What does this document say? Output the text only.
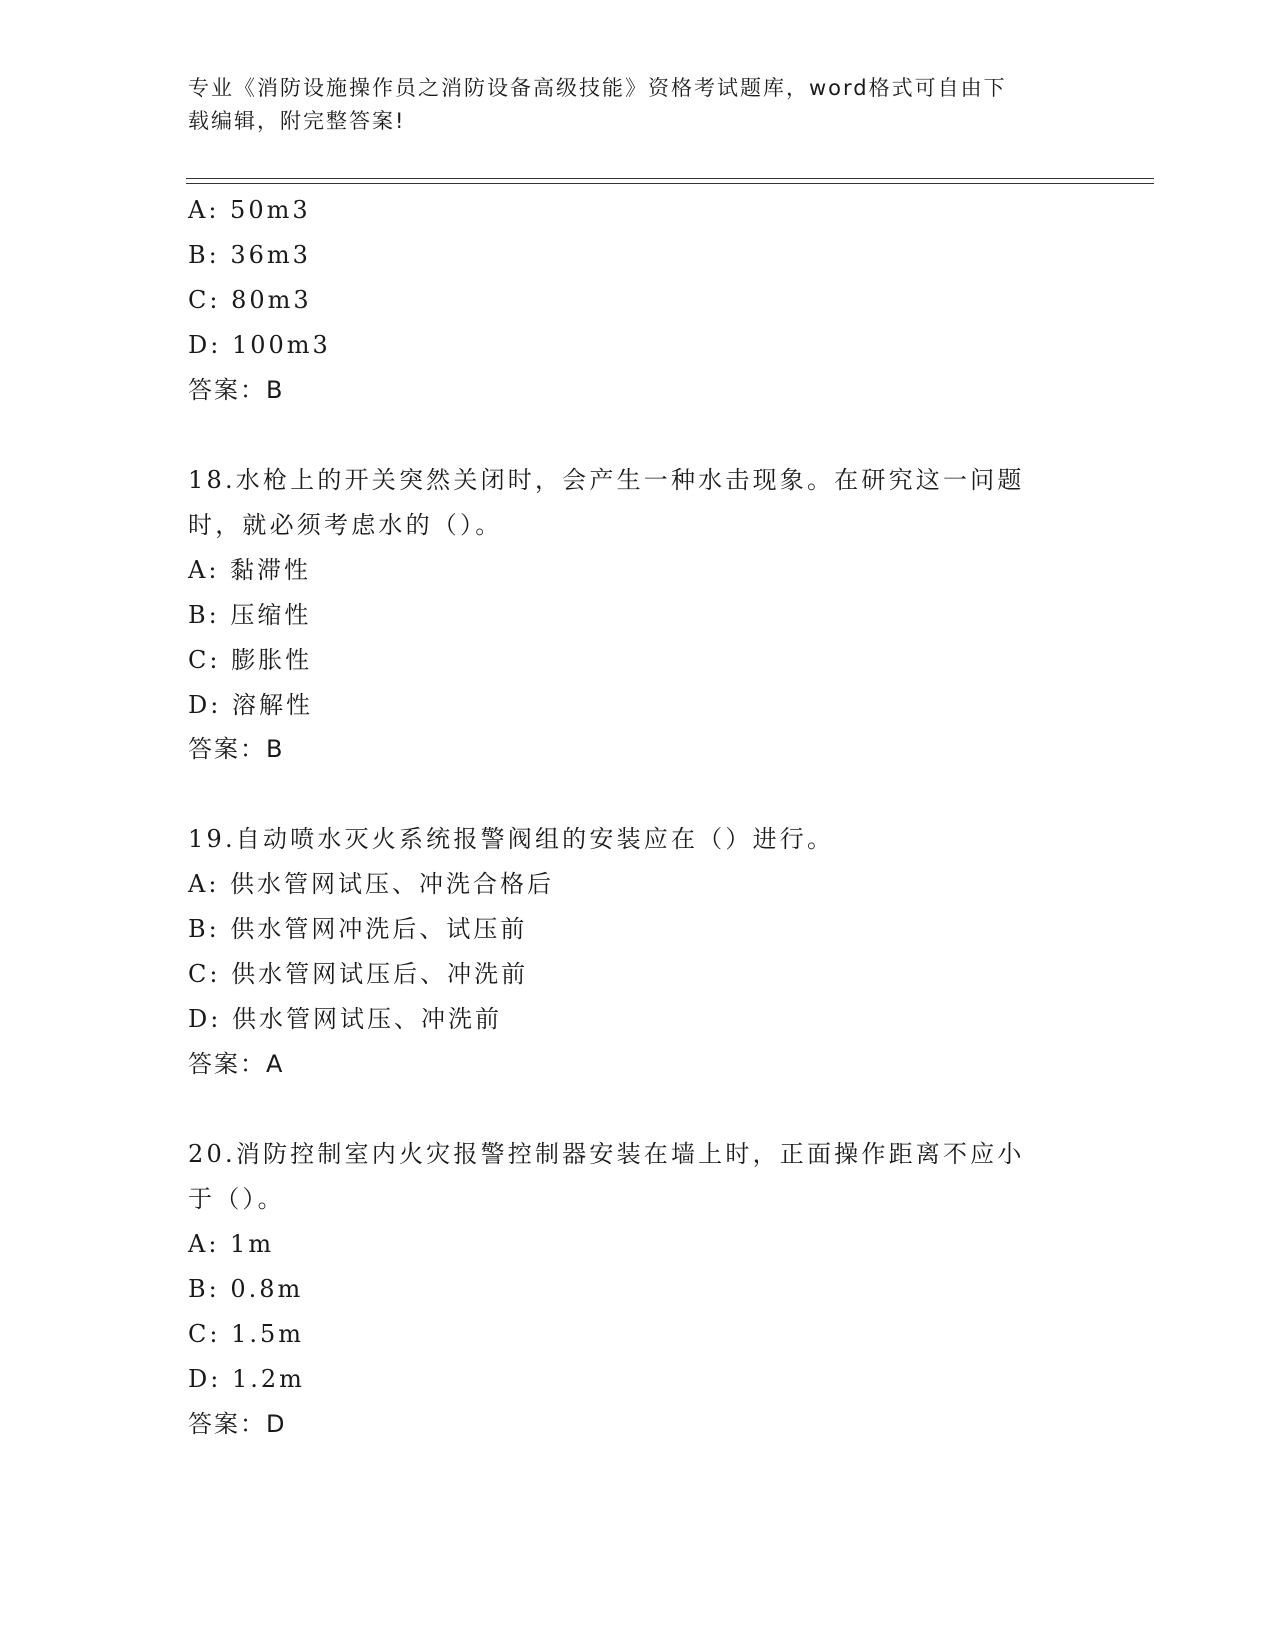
专业《消防设施操作员之消防设备高级技能》资格考试题库，word格式可自由下
载编辑，附完整答案!
A: 50m3
B: 36m3
C: 80m3
D: 100m3
答案：B
18.水枪上的开关突然关闭时，会产生一种水击现象。在研究这一问题
时，就必须考虑水的（）。
A: 黏滞性
B: 压缩性
C: 膨胀性
D: 溶解性
答案：B
19.自动喷水灭火系统报警阀组的安装应在（）进行。
A: 供水管网试压、冲洗合格后
B: 供水管网冲洗后、试压前
C: 供水管网试压后、冲洗前
D: 供水管网试压、冲洗前
答案：A
20.消防控制室内火灾报警控制器安装在墙上时，正面操作距离不应小
于（）。
A: 1m
B: 0.8m
C: 1.5m
D: 1.2m
答案：D
